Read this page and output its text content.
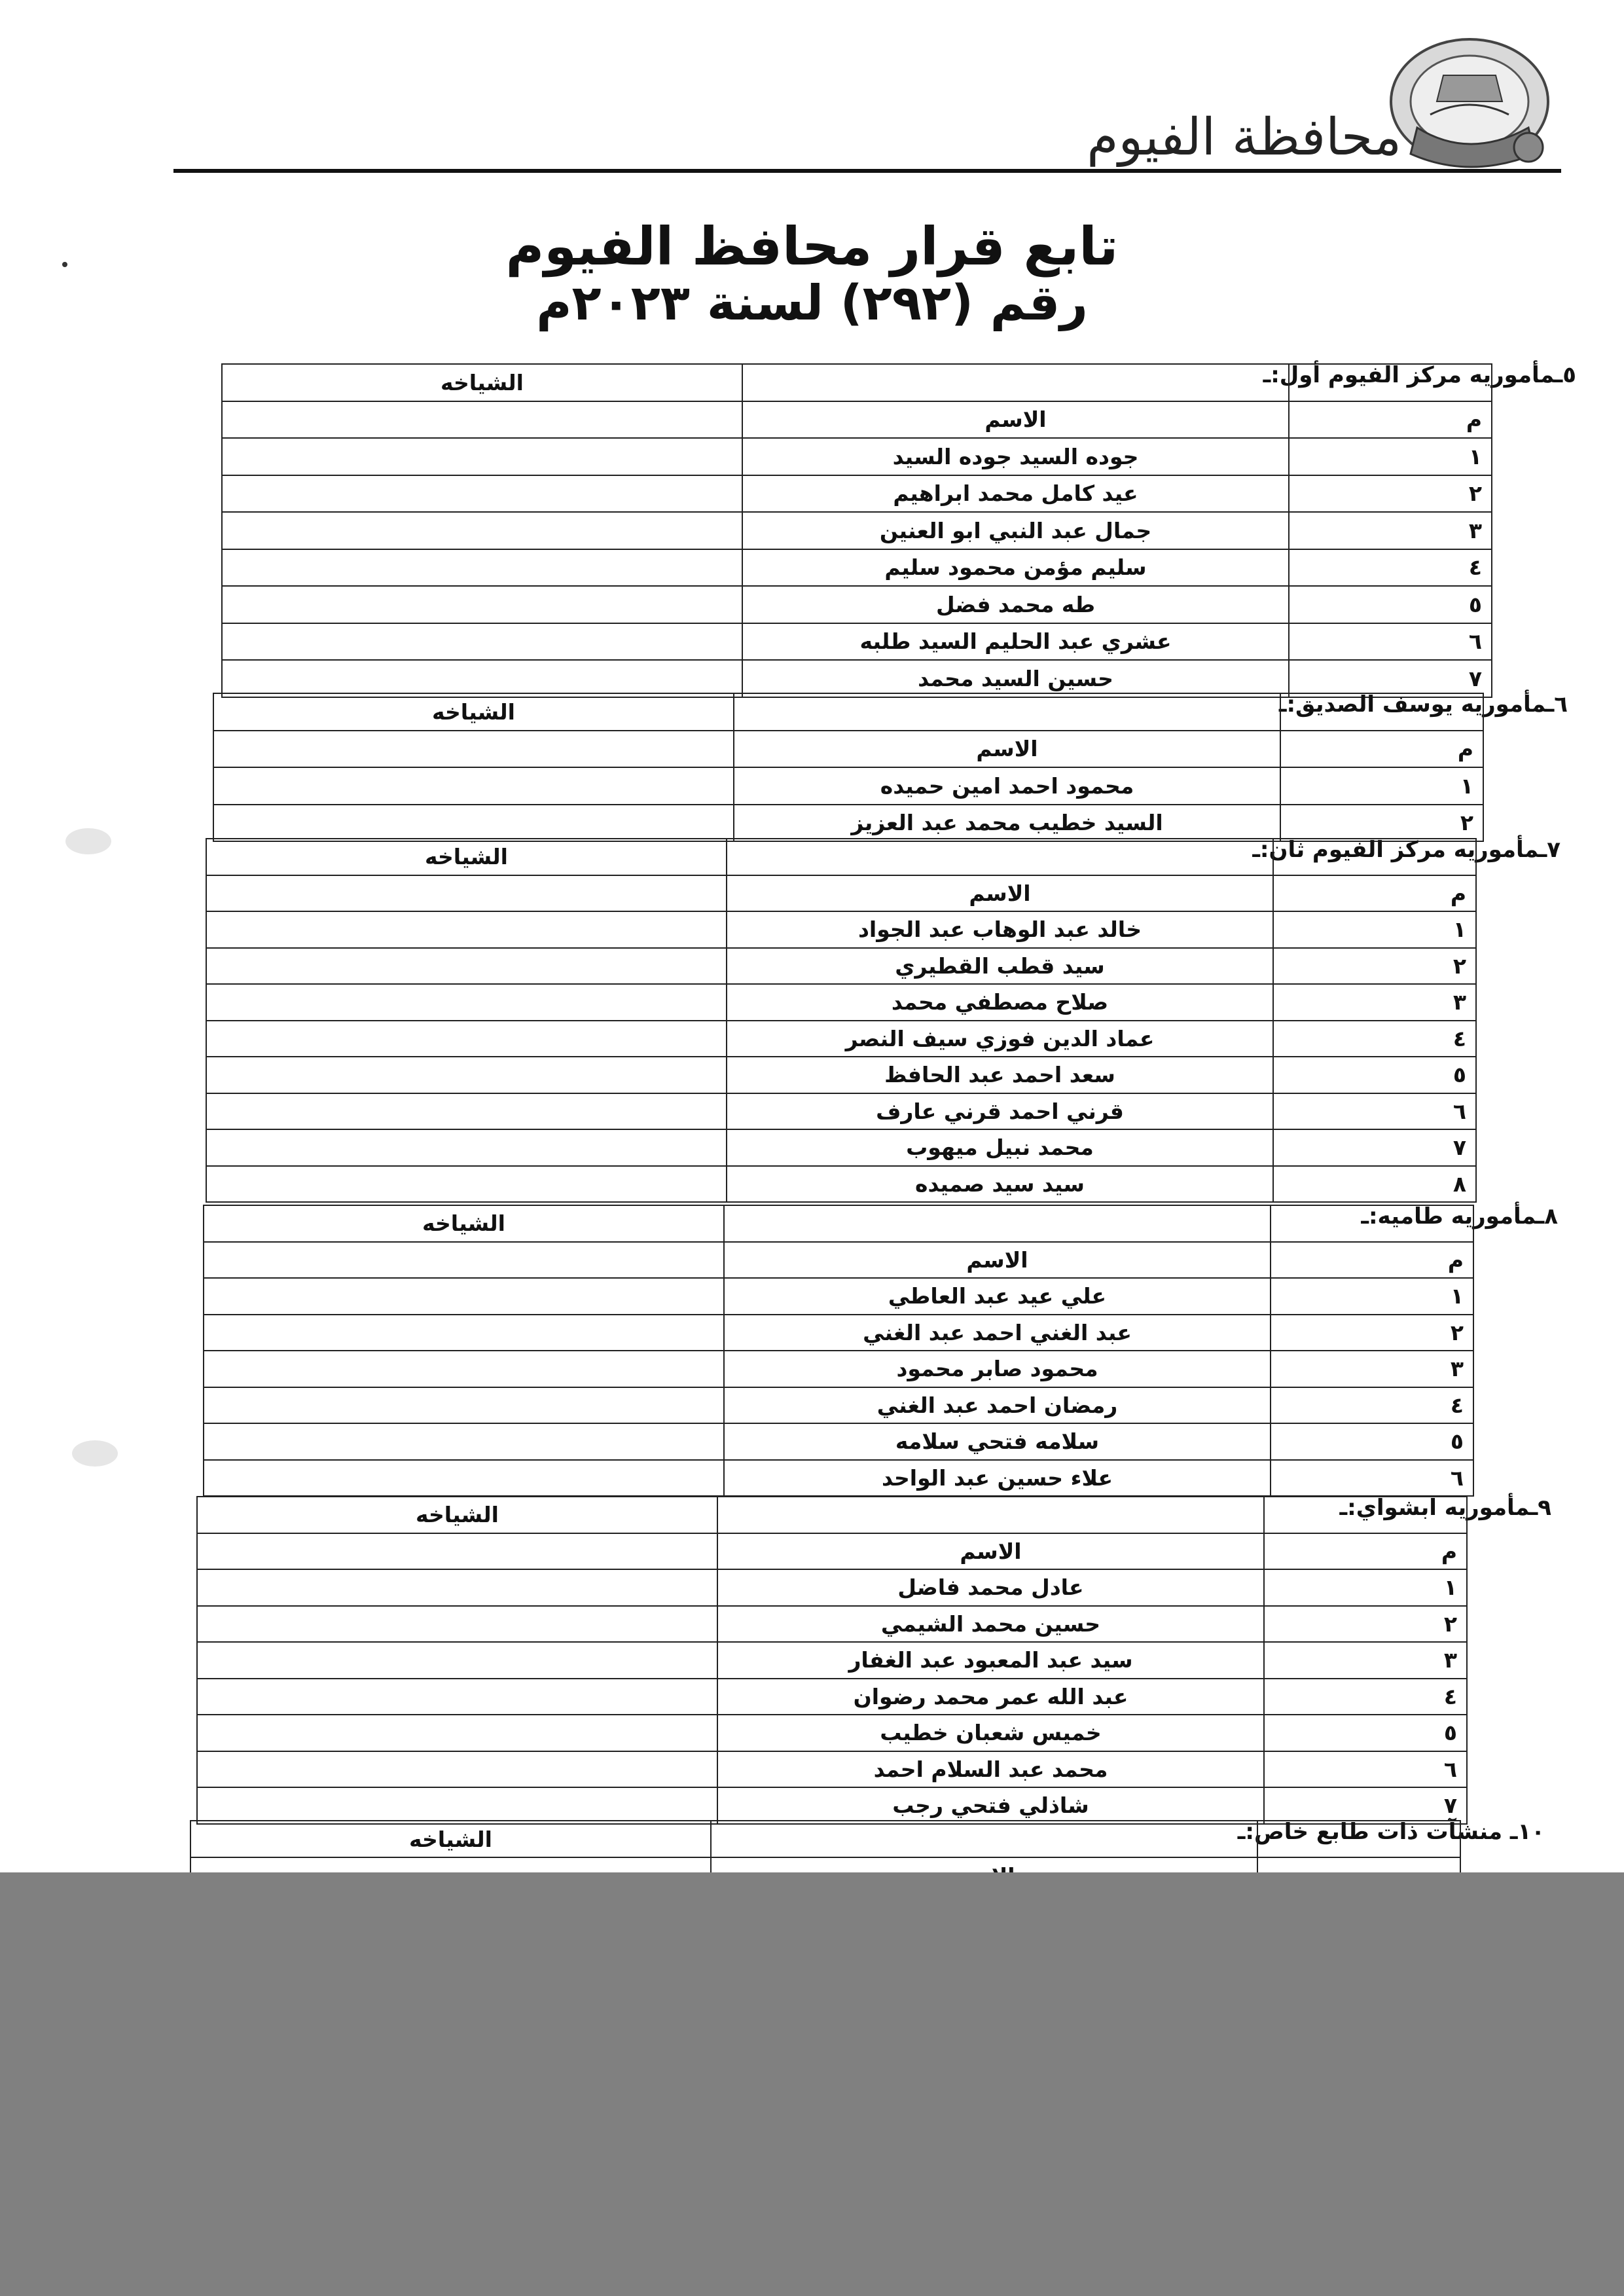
محافظة الفيوم
تابع قرار محافظ الفيوم
رقم (٢٩٢) لسنة ٢٠٢٣م
٥ـمأموريه مركز الفيوم أول:ـ
		الشياخه
م	الاسم	
١	جوده السيد جوده السيد	
٢	عيد كامل محمد ابراهيم	
٣	جمال عبد النبي ابو العنين	
٤	سليم مؤمن محمود سليم	
٥	طه محمد فضل	
٦	عشري عبد الحليم السيد طلبه	
٧	حسين السيد محمد	
٦ـمأموريه يوسف الصديق:ـ
		الشياخه
م	الاسم	
١	محمود احمد امين حميده	
٢	السيد خطيب محمد عبد العزيز	
٧ـمأموريه مركز الفيوم ثان:ـ
		الشياخه
م	الاسم	
١	خالد عبد الوهاب عبد الجواد	
٢	سيد قطب القطيري	
٣	صلاح مصطفي محمد	
٤	عماد الدين فوزي سيف النصر	
٥	سعد احمد عبد الحافظ	
٦	قرني احمد قرني عارف	
٧	محمد نبيل ميهوب	
٨	سيد سيد صميده	
٨ـمأموريه طاميه:ـ
		الشياخه
م	الاسم	
١	علي عيد عبد العاطي	
٢	عبد الغني احمد عبد الغني	
٣	محمود صابر محمود	
٤	رمضان احمد عبد الغني	
٥	سلامه فتحي سلامه	
٦	علاء حسين عبد الواحد	
٩ـمأموريه ابشواي:ـ
		الشياخه
م	الاسم	
١	عادل محمد فاضل	
٢	حسين محمد الشيمي	
٣	سيد عبد المعبود عبد الغفار	
٤	عبد الله عمر محمد رضوان	
٥	خميس شعبان خطيب	
٦	محمد عبد السلام احمد	
٧	شاذلي فتحي رجب	
١٠ـ منشآت ذات طابع خاص:ـ
		الشياخه
